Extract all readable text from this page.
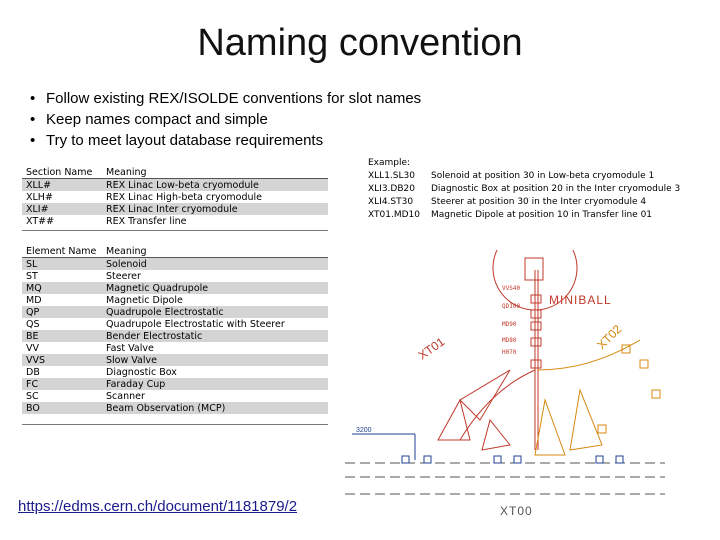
Naming convention
• Follow existing REX/ISOLDE conventions for slot names
• Keep names compact and simple
• Try to meet layout database requirements
Section Name	Meaning
XLL#	REX Linac Low-beta cryomodule
XLH#	REX Linac High-beta cryomodule
XLI#	REX Linac Inter cryomodule
XT##	REX Transfer line
Element Name	Meaning
SL	Solenoid
ST	Steerer
MQ	Magnetic Quadrupole
MD	Magnetic Dipole
QP	Quadrupole Electrostatic
QS	Quadrupole Electrostatic with Steerer
BE	Bender Electrostatic
VV	Fast Valve
VVS	Slow Valve
DB	Diagnostic Box
FC	Faraday Cup
SC	Scanner
BO	Beam Observation (MCP)
Example:
XLL1.SL30	Solenoid at position 30 in Low-beta cryomodule 1
XLI3.DB20	Diagnostic Box at position 20 in the Inter cryomodule 3
XLI4.ST30	Steerer at position 30 in the Inter cryomodule 4
XT01.MD10	Magnetic Dipole at position 10 in Transfer line 01
VVS40
QD100
MD90
MD80
H070
MINIBALL
XT01	XT02
3200
XT00
https://edms.cern.ch/document/1181879/2
